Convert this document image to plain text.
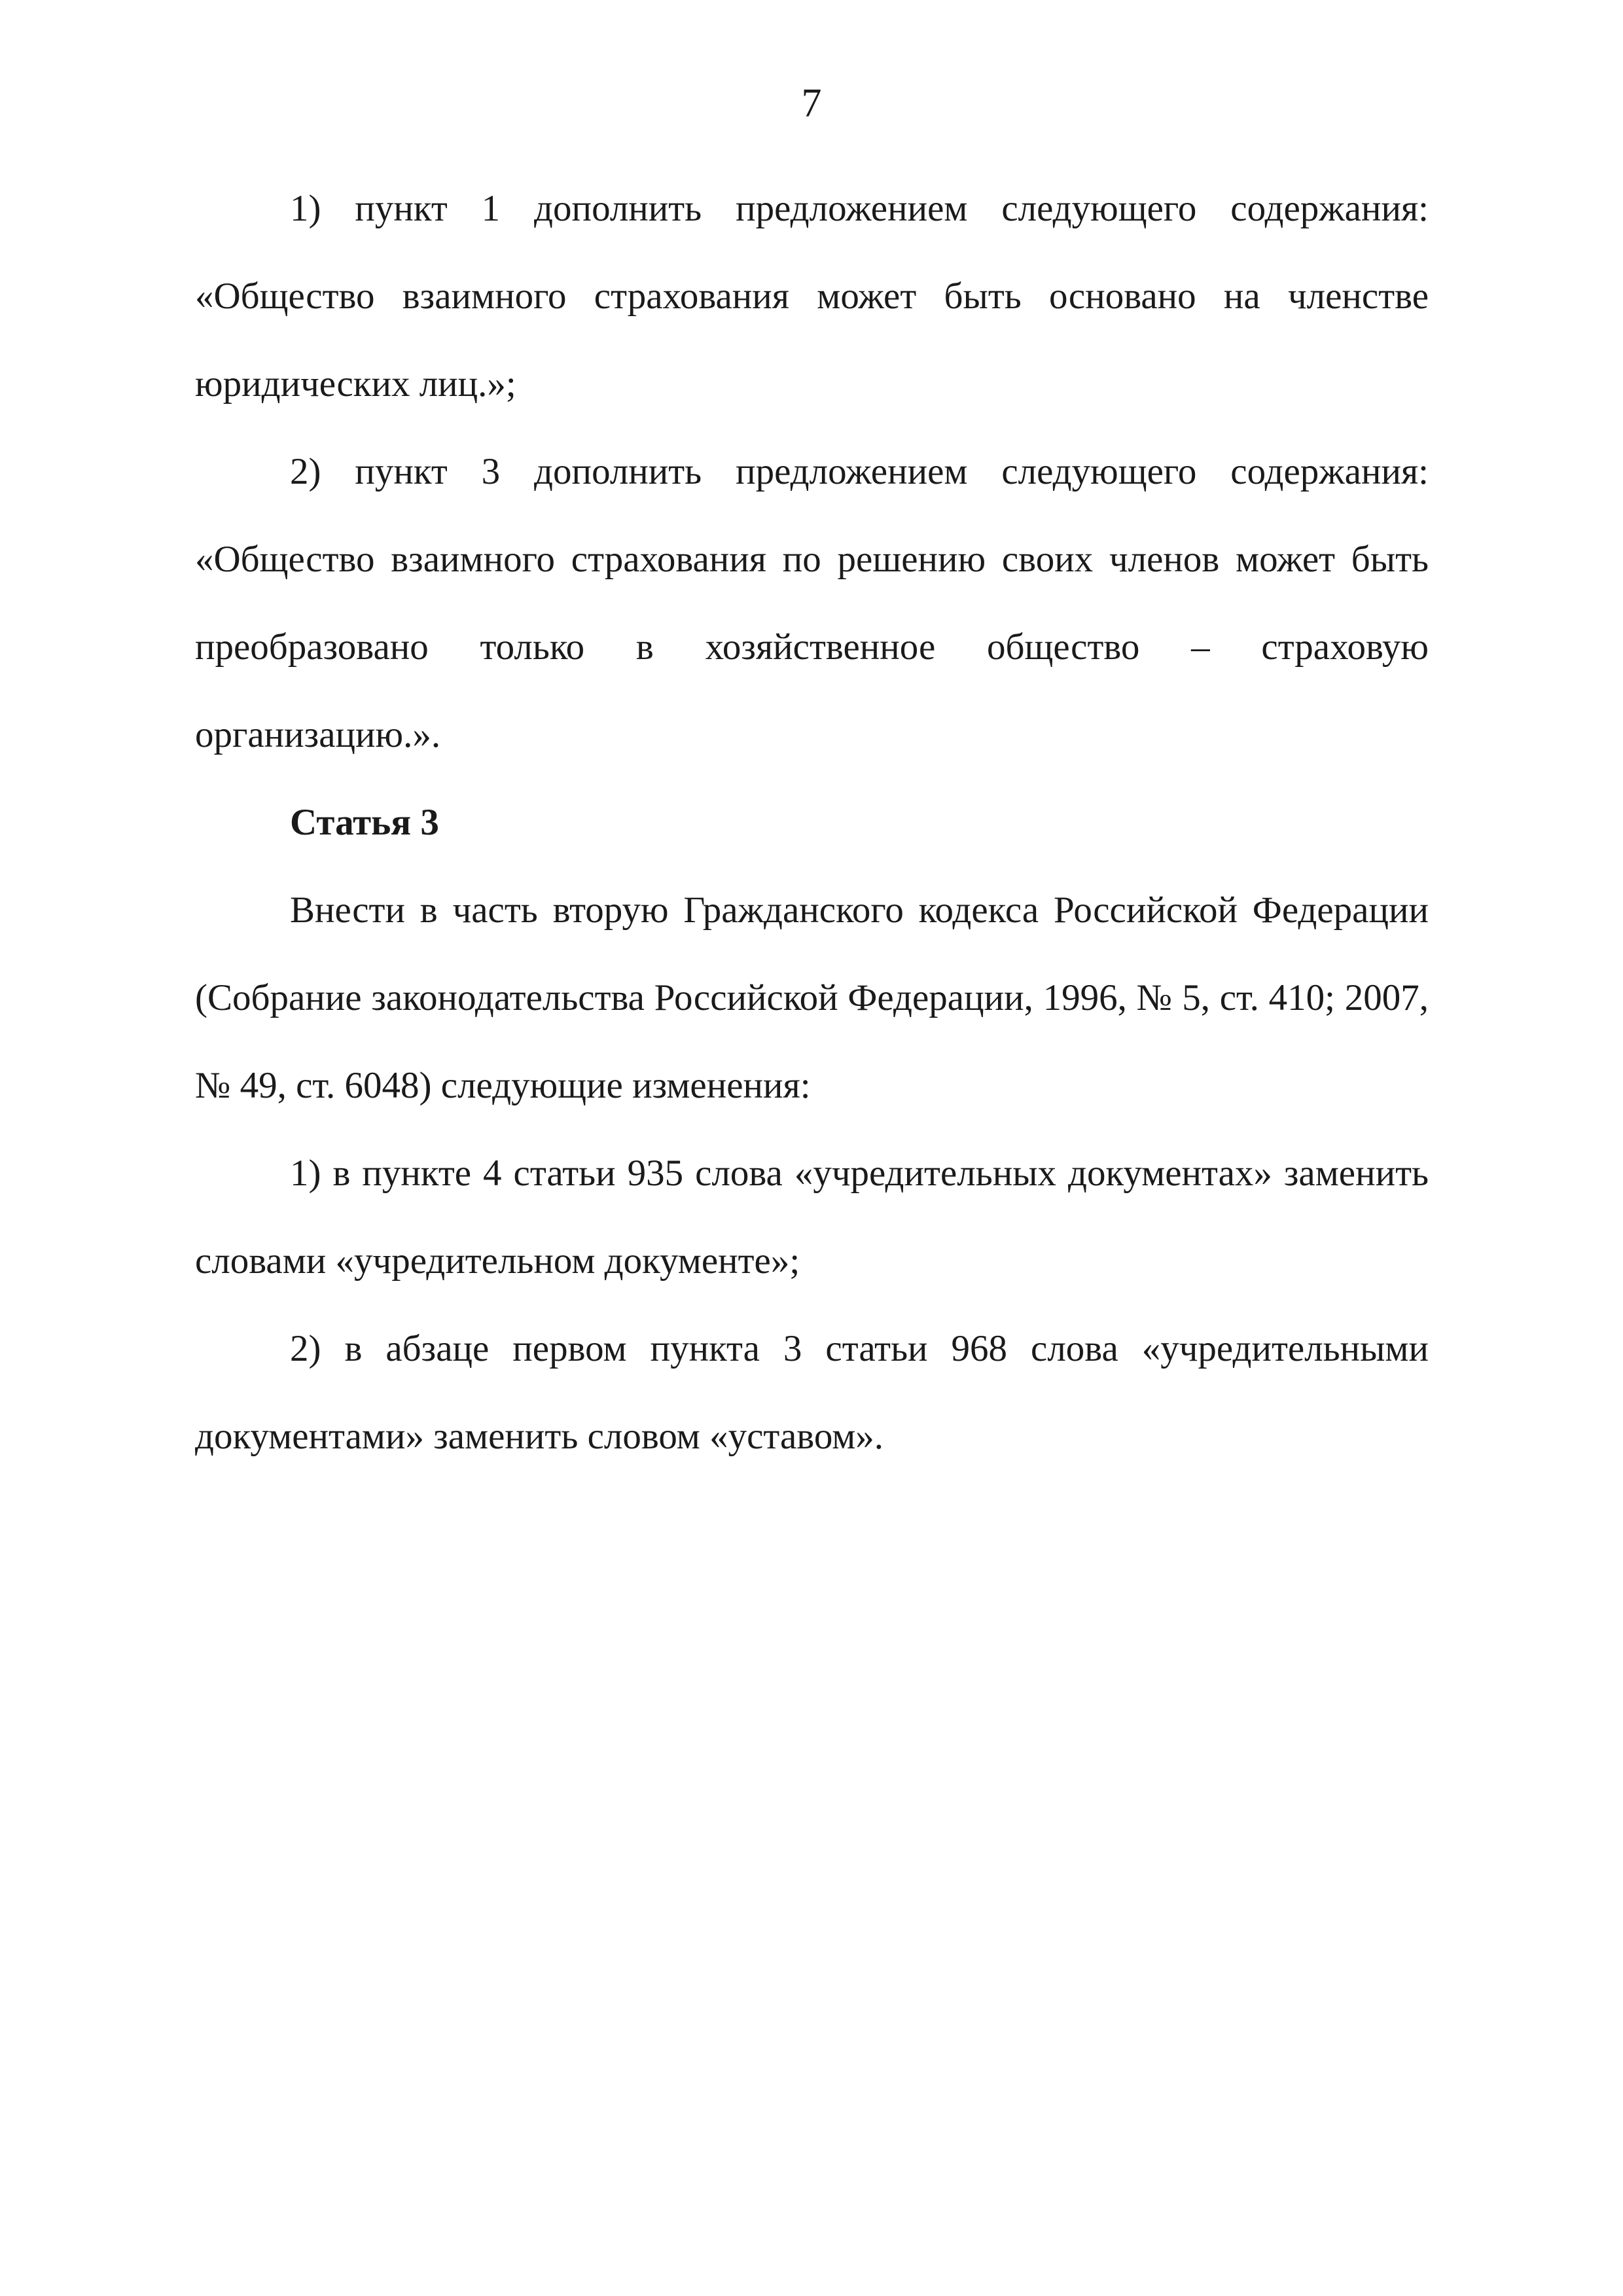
7

1) пункт 1 дополнить предложением следующего содержания: «Общество взаимного страхования может быть основано на членстве юридических лиц.»;

2) пункт 3 дополнить предложением следующего содержания: «Общество взаимного страхования по решению своих членов может быть преобразовано только в хозяйственное общество – страховую организацию.».

Статья 3

Внести в часть вторую Гражданского кодекса Российской Федерации (Собрание законодательства Российской Федерации, 1996, № 5, ст. 410; 2007, № 49, ст. 6048) следующие изменения:

1) в пункте 4 статьи 935 слова «учредительных документах» заменить словами «учредительном документе»;

2) в абзаце первом пункта 3 статьи 968 слова «учредительными документами» заменить словом «уставом».
